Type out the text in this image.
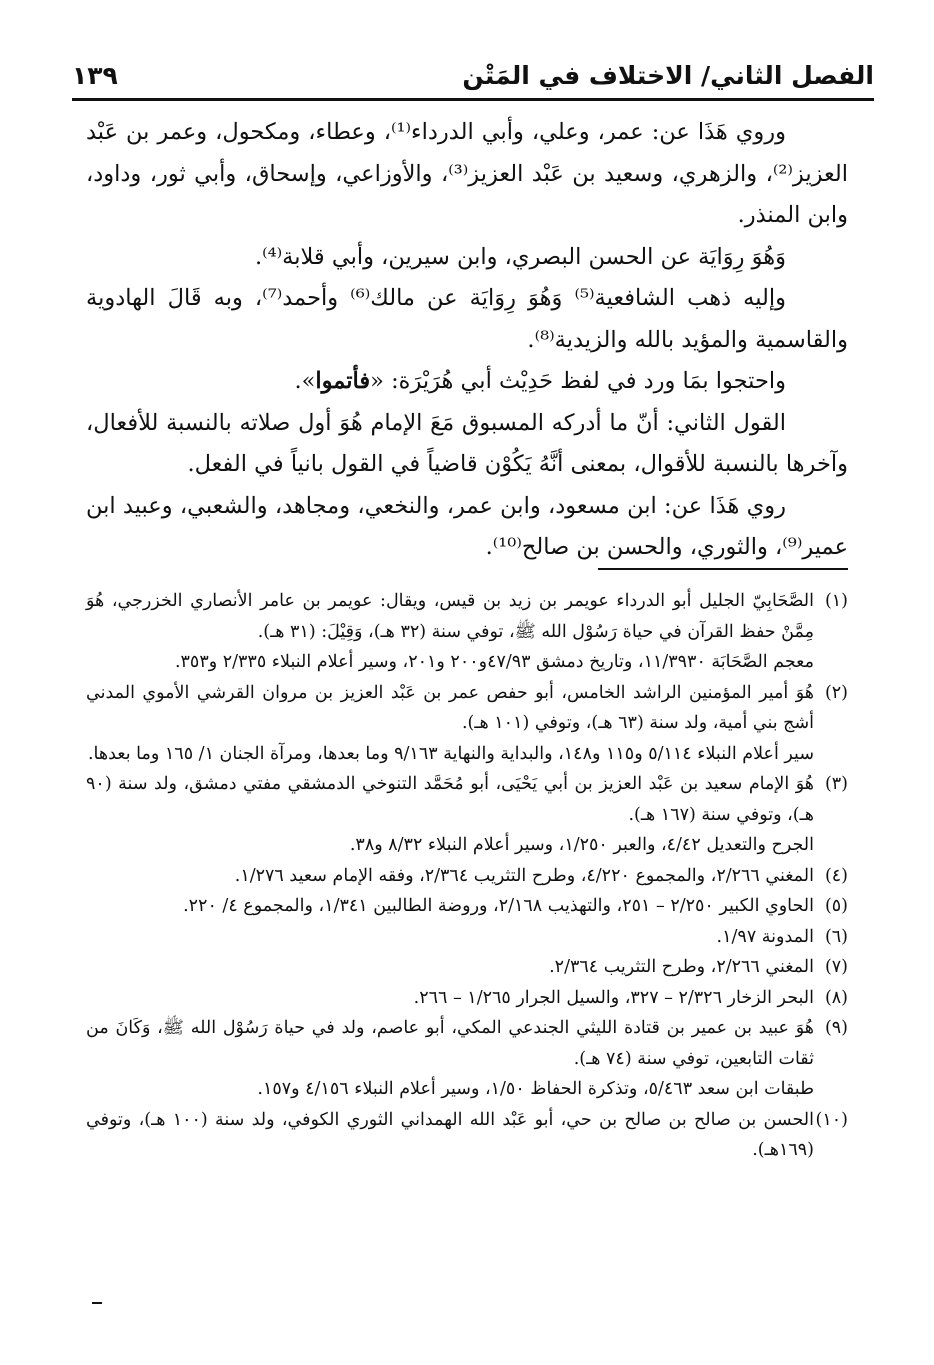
الفصل الثاني/ الاختلاف في المَتْن
١٣٩

وروي هَذَا عن: عمر، وعلي، وأبي الدرداء⁽¹⁾، وعطاء، ومكحول، وعمر بن عَبْد العزيز⁽²⁾، والزهري، وسعيد بن عَبْد العزيز⁽³⁾، والأوزاعي، وإسحاق، وأبي ثور، وداود، وابن المنذر.

وَهُوَ رِوَايَة عن الحسن البصري، وابن سيرين، وأبي قلابة⁽⁴⁾.

وإليه ذهب الشافعية⁽⁵⁾ وَهُوَ رِوَايَة عن مالك⁽⁶⁾ وأحمد⁽⁷⁾، وبه قَالَ الهادوية والقاسمية والمؤيد بالله والزيدية⁽⁸⁾.

واحتجوا بمَا ورد في لفظ حَدِيْث أبي هُرَيْرَة: «فأتموا».

القول الثاني: أنّ ما أدركه المسبوق مَعَ الإمام هُوَ أول صلاته بالنسبة للأفعال، وآخرها بالنسبة للأقوال، بمعنى أنَّهُ يَكُوْن قاضياً في القول بانياً في الفعل.

روي هَذَا عن: ابن مسعود، وابن عمر، والنخعي، ومجاهد، والشعبي، وعبيد ابن عمير⁽⁹⁾، والثوري، والحسن بن صالح⁽¹⁰⁾.

(١)

الصَّحَابِيّ الجليل أبو الدرداء عويمر بن زيد بن قيس، ويقال: عويمر بن عامر الأنصاري الخزرجي، هُوَ مِمَّنْ حفظ القرآن في حياة رَسُوْل الله ﷺ، توفي سنة (٣٢ هـ)، وَقِيْلَ: (٣١ هـ).

معجم الصَّحَابَة ١١/٣٩٣٠، وتاريخ دمشق ٤٧/٩٣و٢٠٠ و٢٠١، وسير أعلام النبلاء ٢/٣٣٥ و٣٥٣.

(٢)

هُوَ أمير المؤمنين الراشد الخامس، أبو حفص عمر بن عَبْد العزيز بن مروان القرشي الأموي المدني أشج بني أمية، ولد سنة (٦٣ هـ)، وتوفي (١٠١ هـ).

سير أعلام النبلاء ٥/١١٤ و١١٥ و١٤٨، والبداية والنهاية ٩/١٦٣ وما بعدها، ومرآة الجنان ١/ ١٦٥ وما بعدها.

(٣)

هُوَ الإمام سعيد بن عَبْد العزيز بن أبي يَحْيَى، أبو مُحَمَّد التنوخي الدمشقي مفتي دمشق، ولد سنة (٩٠ هـ)، وتوفي سنة (١٦٧ هـ).

الجرح والتعديل ٤/٤٢، والعبر ١/٢٥٠، وسير أعلام النبلاء ٨/٣٢ و٣٨.

(٤)

المغني ٢/٢٦٦، والمجموع ٤/٢٢٠، وطرح التثريب ٢/٣٦٤، وفقه الإمام سعيد ١/٢٧٦.

(٥)

الحاوي الكبير ٢/٢٥٠ – ٢٥١، والتهذيب ٢/١٦٨، وروضة الطالبين ١/٣٤١، والمجموع ٤/ ٢٢٠.

(٦)

المدونة ١/٩٧.

(٧)

المغني ٢/٢٦٦، وطرح التثريب ٢/٣٦٤.

(٨)

البحر الزخار ٢/٣٢٦ – ٣٢٧، والسيل الجرار ١/٢٦٥ – ٢٦٦.

(٩)

هُوَ عبيد بن عمير بن قتادة الليثي الجندعي المكي، أبو عاصم، ولد في حياة رَسُوْل الله ﷺ، وَكَانَ من ثقات التابعين، توفي سنة (٧٤ هـ).

طبقات ابن سعد ٥/٤٦٣، وتذكرة الحفاظ ١/٥٠، وسير أعلام النبلاء ٤/١٥٦ و١٥٧.

(١٠)

الحسن بن صالح بن صالح بن حي، أبو عَبْد الله الهمداني الثوري الكوفي، ولد سنة (١٠٠ هـ)، وتوفي (١٦٩هـ).
